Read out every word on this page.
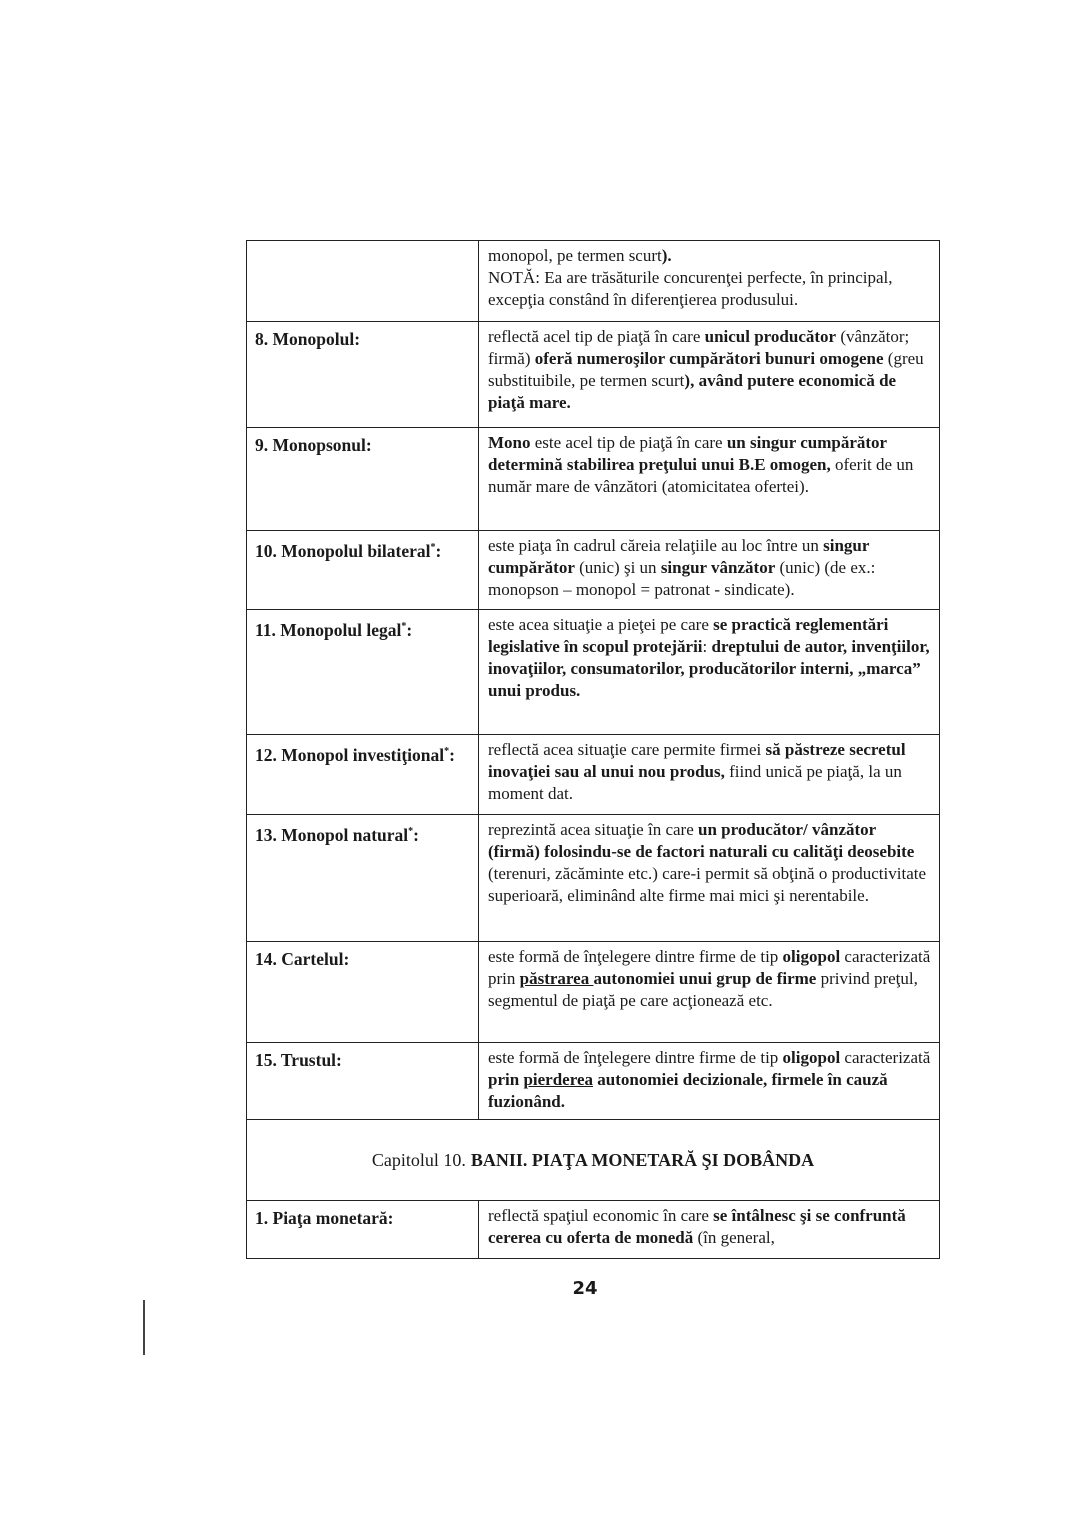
monopol, pe termen scurt).
NOTĂ: Ea are trăsăturile concurenţei perfecte, în principal, excepţia constând în diferenţierea produsului.
8. Monopolul:	reflectă acel tip de piaţă în care unicul producător (vânzător; firmă) oferă numeroşilor cumpărători bunuri omogene (greu substituibile, pe termen scurt), având putere economică de piaţă mare.
9. Monopsonul:	Mono este acel tip de piaţă în care un singur cumpărător determină stabilirea preţului unui B.E omogen, oferit de un număr mare de vânzători (atomicitatea ofertei).
10. Monopolul bilateral*:	este piaţa în cadrul căreia relaţiile au loc între un singur cumpărător (unic) şi un singur vânzător (unic) (de ex.: monopson – monopol = patronat - sindicate).
11. Monopolul legal*:	este acea situaţie a pieţei pe care se practică reglementări legislative în scopul protejării: dreptului de autor, invenţiilor, inovaţiilor, consumatorilor, producătorilor interni, „marca” unui produs.
12. Monopol investiţional*:	reflectă acea situaţie care permite firmei să păstreze secretul inovaţiei sau al unui nou produs, fiind unică pe piaţă, la un moment dat.
13. Monopol natural*:	reprezintă acea situaţie în care un producător/ vânzător (firmă) folosindu-se de factori naturali cu calităţi deosebite (terenuri, zăcăminte etc.) care-i permit să obţină o productivitate superioară, eliminând alte firme mai mici şi nerentabile.
14. Cartelul:	este formă de înţelegere dintre firme de tip oligopol caracterizată prin păstrarea autonomiei unui grup de firme privind preţul, segmentul de piaţă pe care acţionează etc.
15. Trustul:	este formă de înţelegere dintre firme de tip oligopol caracterizată prin pierderea autonomiei decizionale, firmele în cauză fuzionând.
Capitolul 10. BANII. PIAŢA MONETARĂ ŞI DOBÂNDA
1. Piaţa monetară:	reflectă spaţiul economic în care se întâlnesc şi se confruntă cererea cu oferta de monedă (în general,
24
